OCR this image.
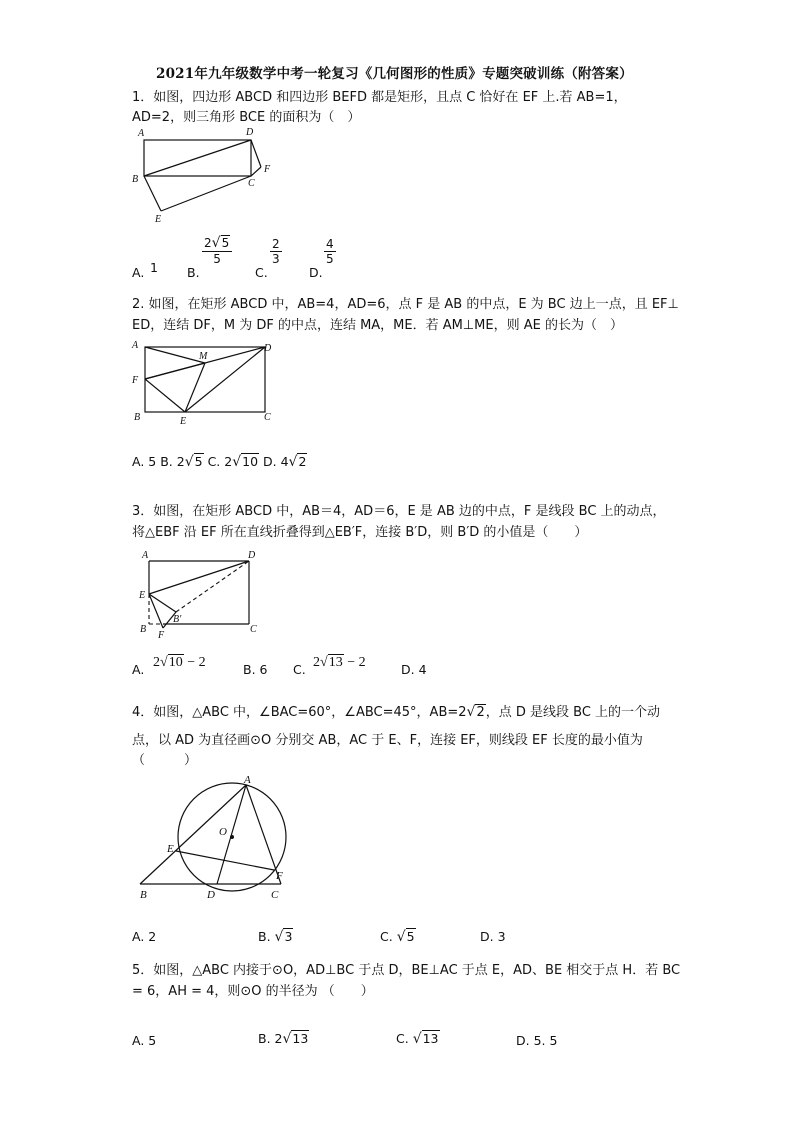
2021年九年级数学中考一轮复习《几何图形的性质》专题突破训练（附答案）
1．如图，四边形 ABCD 和四边形 BEFD 都是矩形，且点 C 恰好在 EF 上.若 AB=1，
AD=2，则三角形 BCE 的面积为（　）
A	D
B	C
F
E
A. 1 B.
$\frac{2√5}{5}$
C.
$\frac{2}{3}$
D.
$\frac{4}{5}$
2. 如图，在矩形 ABCD 中，AB=4，AD=6，点 F 是 AB 的中点，E 为 BC 边上一点，且 EF⊥
ED，连结 DF，M 为 DF 的中点，连结 MA，ME．若 AM⊥ME，则 AE 的长为（　）
A
M
D
F
B	E	C
A. 5 B. 2√5 C. 2√10 D. 4√2
3．如图，在矩形 ABCD 中，AB＝4，AD＝6，E 是 AB 边的中点，F 是线段 BC 上的动点，
将△EBF 沿 EF 所在直线折叠得到△EB′F，连接 B′D，则 B′D 的小值是（　　）
A	D
E
B′
B
F
C
A. 2√10 − 2	B. 6 C. 2√13 − 2	D. 4
4．如图，△ABC 中，∠BAC=60°，∠ABC=45°，AB=2√2，点 D 是线段 BC 上的一个动
点，以 AD 为直径画⊙O 分别交 AB，AC 于 E、F，连接 EF，则线段 EF 长度的最小值为
（　　　）
A
O
E
F
B	D	C
A. 2	B. √3	C. √5	D. 3
5．如图，△ABC 内接于⊙O，AD⊥BC 于点 D，BE⊥AC 于点 E，AD、BE 相交于点 H．若 BC
= 6，AH = 4，则⊙O 的半径为 （　　）
A. 5	B. 2√13	C. √13	D. 5. 5
